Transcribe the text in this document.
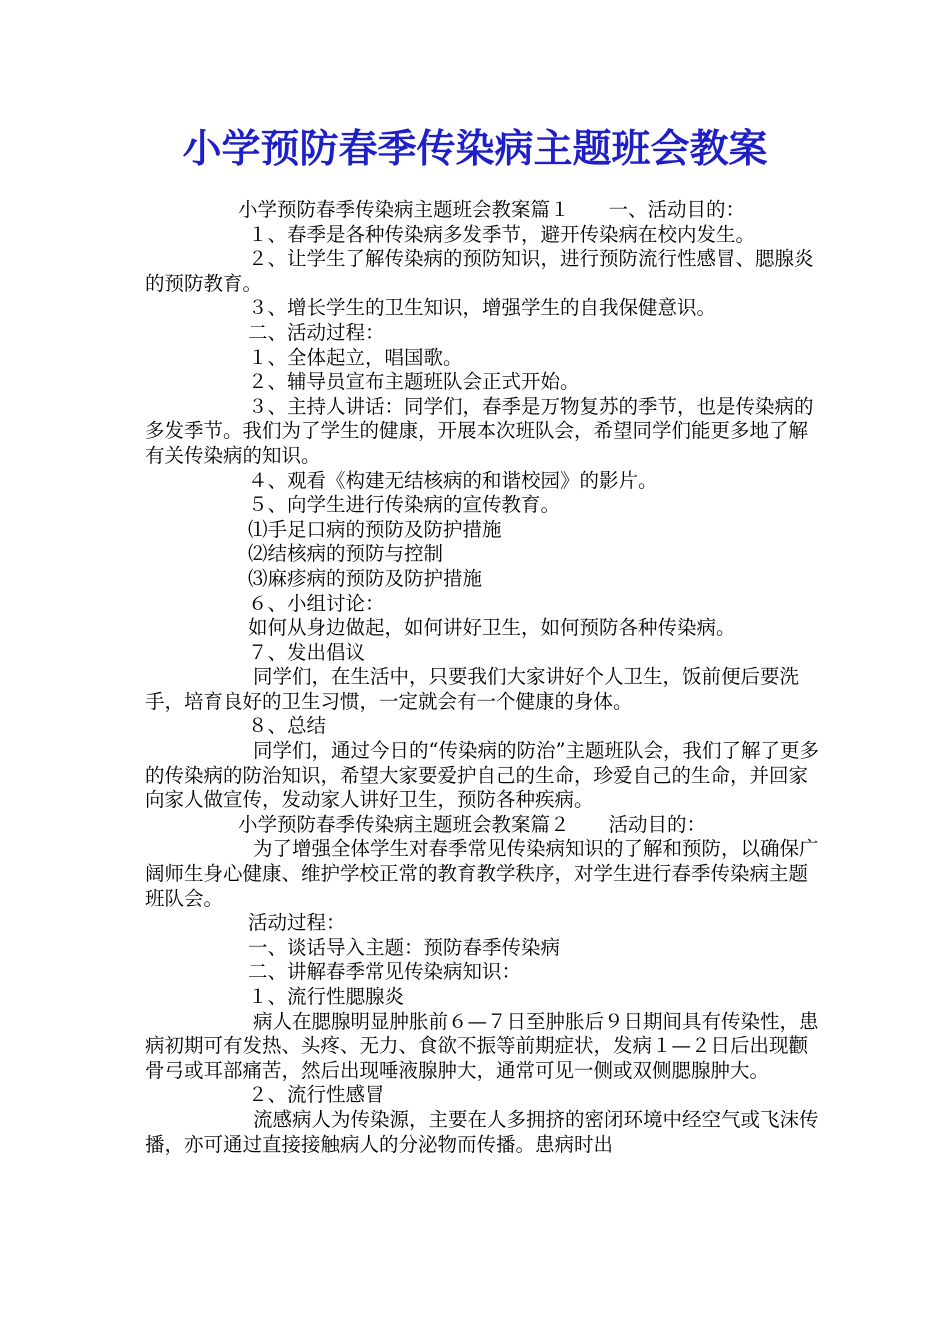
小学预防春季传染病主题班会教案

小学预防春季传染病主题班会教案篇１　　一、活动目的：

１、春季是各种传染病多发季节，避开传染病在校内发生。

２、让学生了解传染病的预防知识，进行预防流行性感冒、腮腺炎的预防教育。

３、增长学生的卫生知识，增强学生的自我保健意识。

二、活动过程：

１、全体起立，唱国歌。

２、辅导员宣布主题班队会正式开始。

３、主持人讲话：同学们，春季是万物复苏的季节，也是传染病的多发季节。我们为了学生的健康，开展本次班队会，希望同学们能更多地了解有关传染病的知识。

４、观看《构建无结核病的和谐校园》的影片。

５、向学生进行传染病的宣传教育。

⑴手足口病的预防及防护措施

⑵结核病的预防与控制

⑶麻疹病的预防及防护措施

６、小组讨论：

如何从身边做起，如何讲好卫生，如何预防各种传染病。

７、发出倡议

同学们，在生活中，只要我们大家讲好个人卫生，饭前便后要洗手，培育良好的卫生习惯，一定就会有一个健康的身体。

８、总结

同学们，通过今日的“传染病的防治”主题班队会，我们了解了更多的传染病的防治知识，希望大家要爱护自己的生命，珍爱自己的生命，并回家向家人做宣传，发动家人讲好卫生，预防各种疾病。

小学预防春季传染病主题班会教案篇２　　活动目的：

为了增强全体学生对春季常见传染病知识的了解和预防，以确保广阔师生身心健康、维护学校正常的教育教学秩序，对学生进行春季传染病主题班队会。

活动过程：

一、谈话导入主题：预防春季传染病

二、讲解春季常见传染病知识：

１、流行性腮腺炎

病人在腮腺明显肿胀前６—７日至肿胀后９日期间具有传染性，患病初期可有发热、头疼、无力、食欲不振等前期症状，发病１—２日后出现颧骨弓或耳部痛苦，然后出现唾液腺肿大，通常可见一侧或双侧腮腺肿大。

２、流行性感冒

流感病人为传染源，主要在人多拥挤的密闭环境中经空气或飞沫传播，亦可通过直接接触病人的分泌物而传播。患病时出
